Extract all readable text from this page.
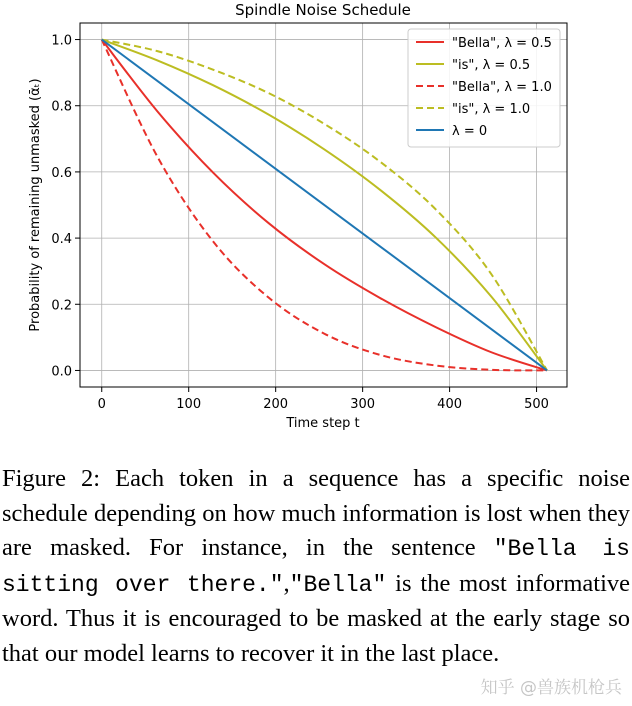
Spindle Noise Schedule
0	100	200	300	400	500
0.0
0.2
0.4
0.6
0.8
1.0
Time step t
Probability of remaining unmasked (ᾱₜ)
"Bella", λ = 0.5
"is", λ = 0.5
"Bella", λ = 1.0
"is", λ = 1.0
λ = 0
Figure 2: Each token in a sequence has a specific noise schedule depending on how much information is lost when they are masked. For instance, in the sentence "Bella is sitting over there.","Bella" is the most informative word. Thus it is encouraged to be masked at the early stage so that our model learns to recover it in the last place.
知乎 @兽族机枪兵
